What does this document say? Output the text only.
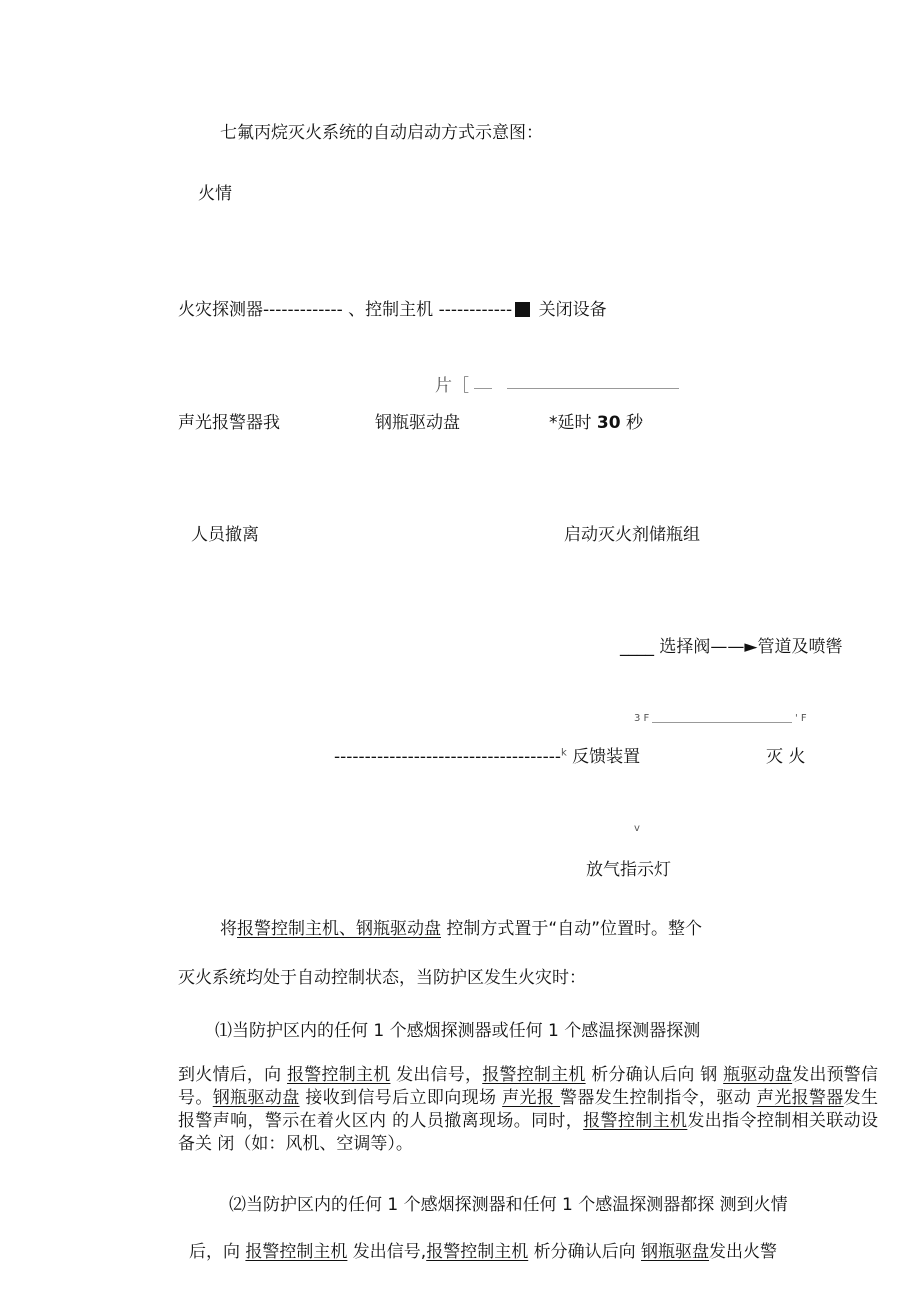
七氟丙烷灭火系统的自动启动方式示意图：
火情
火灾探测器------------- 、控制主机 ------------ 关闭设备
片［
声光报警器我	钢瓶驱动盘	*延时 30 秒
人员撤离	启动灭火剂储瓶组
____ 选择阀——►管道及喷辔
3 F	' F
-------------------------------------$^k$ 反馈装置	灭 火
v
放气指示灯
将报警控制主机、钢瓶驱动盘 控制方式置于“自动”位置时。整个
灭火系统均处于自动控制状态，当防护区发生火灾时：
⑴当防护区内的任何 1 个感烟探测器或任何 1 个感温探测器探测
到火情后，向 报警控制主机 发出信号，报警控制主机 析分确认后向 钢 瓶驱动盘发出预警信号。钢瓶驱动盘 接收到信号后立即向现场 声光报 警器发生控制指令，驱动 声光报警器发生报警声响，警示在着火区内 的人员撤离现场。同时，报警控制主机发出指令控制相关联动设备关 闭（如：风机、空调等）。
⑵当防护区内的任何 1 个感烟探测器和任何 1 个感温探测器都探 测到火情
后，向 报警控制主机 发出信号,报警控制主机 析分确认后向 钢瓶驱盘发出火警
